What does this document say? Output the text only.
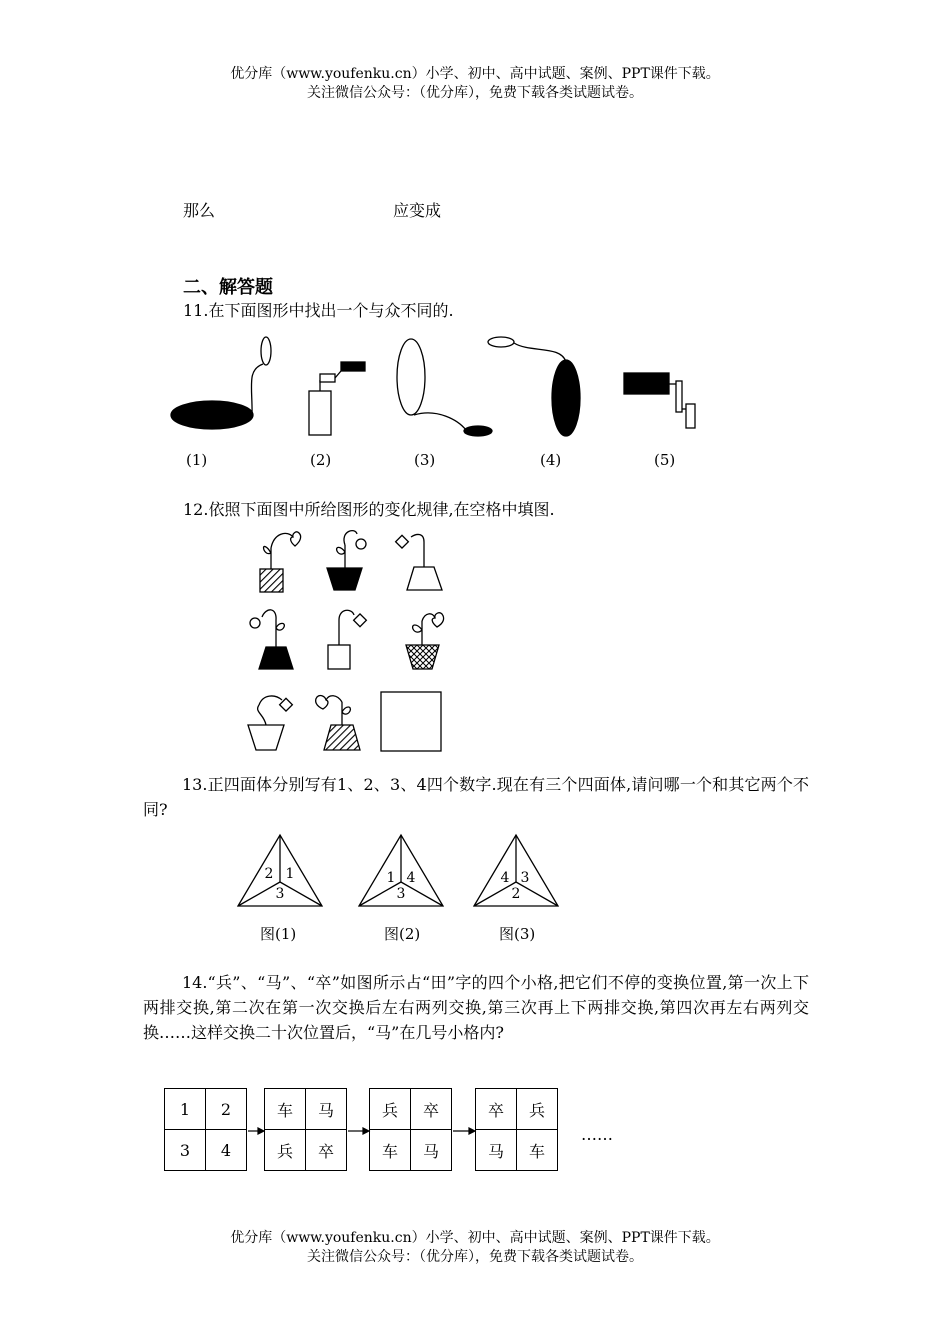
优分库（www.youfenku.cn）小学、初中、高中试题、案例、PPT课件下载。
关注微信公众号：（优分库），免费下载各类试题试卷。
那么	应变成
二、解答题
11.在下面图形中找出一个与众不同的.
(1)	(2)	(3)	(4)	(5)
12.依照下面图中所给图形的变化规律,在空格中填图.
13.正四面体分别写有1、2、3、4四个数字.现在有三个四面体,请问哪一个和其它两个不同?
2 1
3
1 4
3
4 3
2
图(1)	图(2)	图(3)
14.“兵”、“马”、“卒”如图所示占“田”字的四个小格,把它们不停的变换位置,第一次上下两排交换,第二次在第一次交换后左右两列交换,第三次再上下两排交换,第四次再左右两列交换……这样交换二十次位置后，“马”在几号小格内?
1	2
3	4
车	马
兵	卒
兵	卒
车	马
卒	兵
马	车
……
优分库（www.youfenku.cn）小学、初中、高中试题、案例、PPT课件下载。
关注微信公众号：（优分库），免费下载各类试题试卷。
